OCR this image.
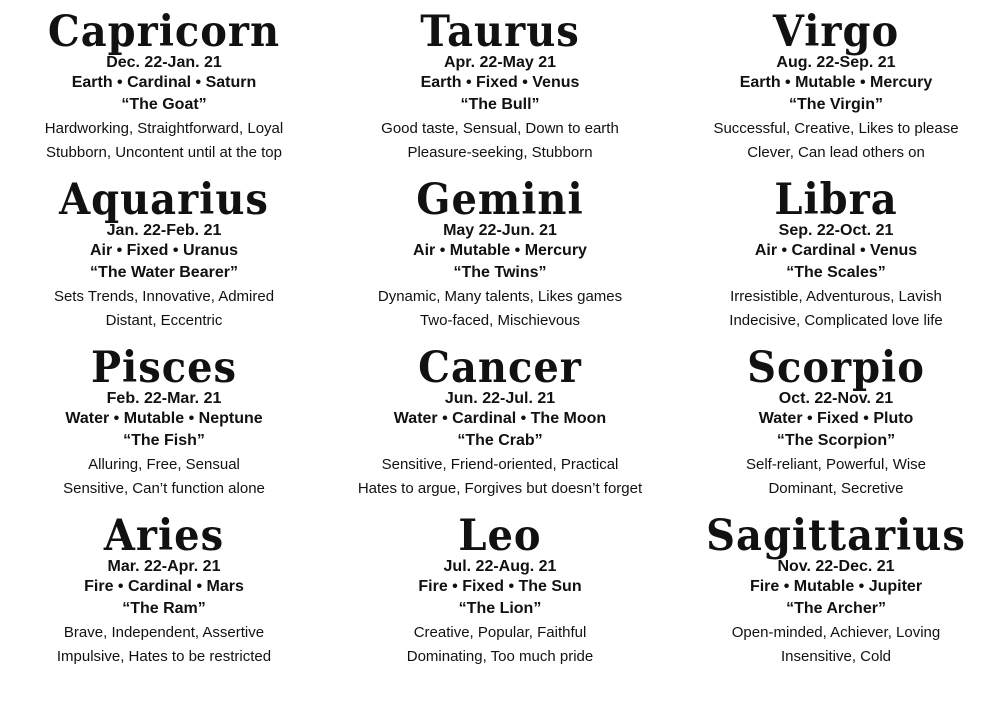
Capricorn
Dec. 22-Jan. 21
Earth • Cardinal • Saturn
“The Goat”
Hardworking, Straightforward, Loyal
Stubborn, Uncontent until at the top
Taurus
Apr. 22-May 21
Earth • Fixed • Venus
“The Bull”
Good taste, Sensual, Down to earth
Pleasure-seeking, Stubborn
Virgo
Aug. 22-Sep. 21
Earth • Mutable • Mercury
“The Virgin”
Successful, Creative, Likes to please
Clever, Can lead others on
Aquarius
Jan. 22-Feb. 21
Air • Fixed • Uranus
“The Water Bearer”
Sets Trends, Innovative, Admired
Distant, Eccentric
Gemini
May 22-Jun. 21
Air • Mutable • Mercury
“The Twins”
Dynamic, Many talents, Likes games
Two-faced, Mischievous
Libra
Sep. 22-Oct. 21
Air • Cardinal • Venus
“The Scales”
Irresistible, Adventurous, Lavish
Indecisive, Complicated love life
Pisces
Feb. 22-Mar. 21
Water • Mutable • Neptune
“The Fish”
Alluring, Free, Sensual
Sensitive, Can’t function alone
Cancer
Jun. 22-Jul. 21
Water • Cardinal • The Moon
“The Crab”
Sensitive, Friend-oriented, Practical
Hates to argue, Forgives but doesn’t forget
Scorpio
Oct. 22-Nov. 21
Water • Fixed • Pluto
“The Scorpion”
Self-reliant, Powerful, Wise
Dominant, Secretive
Aries
Mar. 22-Apr. 21
Fire • Cardinal • Mars
“The Ram”
Brave, Independent, Assertive
Impulsive, Hates to be restricted
Leo
Jul. 22-Aug. 21
Fire • Fixed • The Sun
“The Lion”
Creative, Popular, Faithful
Dominating, Too much pride
Sagittarius
Nov. 22-Dec. 21
Fire • Mutable • Jupiter
“The Archer”
Open-minded, Achiever, Loving
Insensitive, Cold
